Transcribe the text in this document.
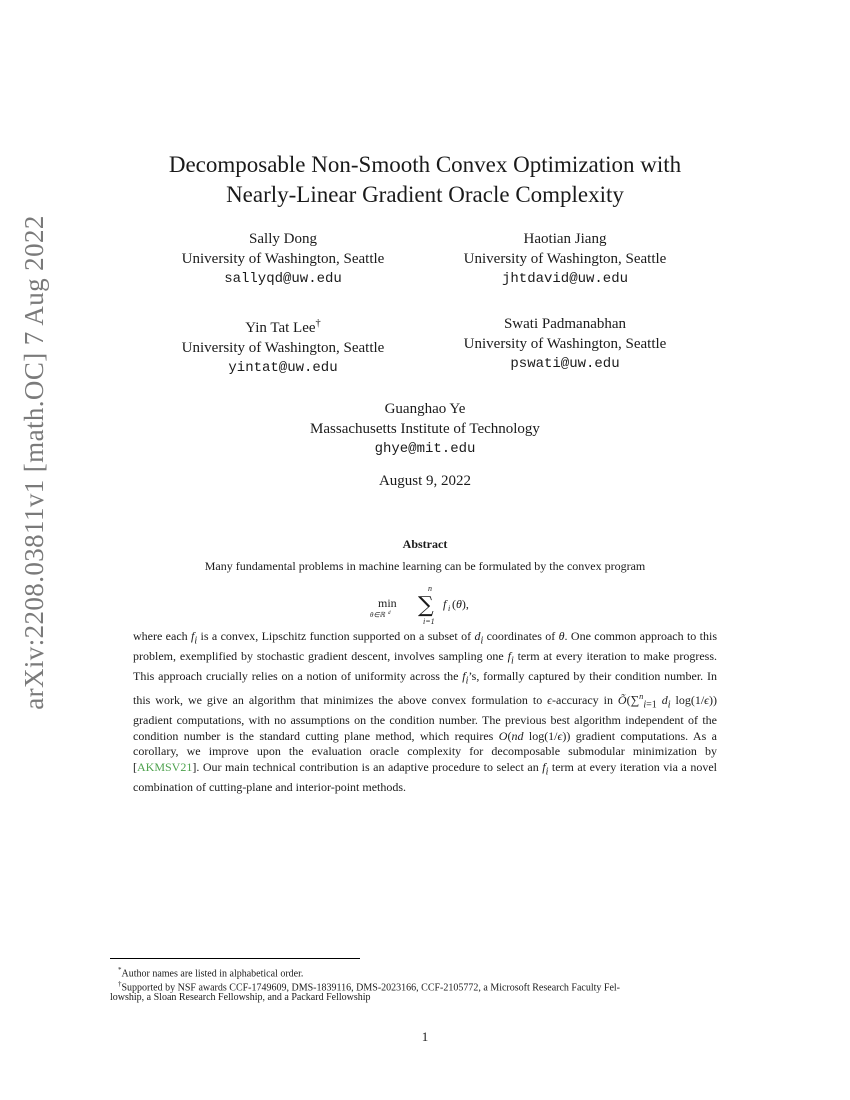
arXiv:2208.03811v1 [math.OC] 7 Aug 2022
Decomposable Non-Smooth Convex Optimization with
Nearly-Linear Gradient Oracle Complexity
Sally Dong
University of Washington, Seattle
sallyqd@uw.edu
Haotian Jiang
University of Washington, Seattle
jhtdavid@uw.edu
Yin Tat Lee†
University of Washington, Seattle
yintat@uw.edu
Swati Padmanabhan
University of Washington, Seattle
pswati@uw.edu
Guanghao Ye
Massachusetts Institute of Technology
ghye@mit.edu
August 9, 2022
Abstract
Many fundamental problems in machine learning can be formulated by the convex program
min
θ∈ℝ d
n
∑
i=1
f i (θ),
where each $f_i$ is a convex, Lipschitz function supported on a subset of $d_i$ coordinates of θ. One common approach to this problem, exemplified by stochastic gradient descent, involves sampling one $f_i$ term at every iteration to make progress. This approach crucially relies on a notion of uniformity across the $f_i’s$, formally captured by their condition number. In this work, we give an algorithm that minimizes the above convex formulation to ϵ-accuracy in Õ(∑$^n_{i=1}$ $d_i$ log(1/ϵ)) gradient computations, with no assumptions on the condition number. The previous best algorithm independent of the condition number is the standard cutting plane method, which requires O(nd log(1/ϵ)) gradient computations. As a corollary, we improve upon the evaluation oracle complexity for decomposable submodular minimization by [AKMSV21]. Our main technical contribution is an adaptive procedure to select an $f_i$ term at every iteration via a novel combination of cutting-plane and interior-point methods.
*Author names are listed in alphabetical order.
†Supported by NSF awards CCF-1749609, DMS-1839116, DMS-2023166, CCF-2105772, a Microsoft Research Faculty Fel-
lowship, a Sloan Research Fellowship, and a Packard Fellowship
1
